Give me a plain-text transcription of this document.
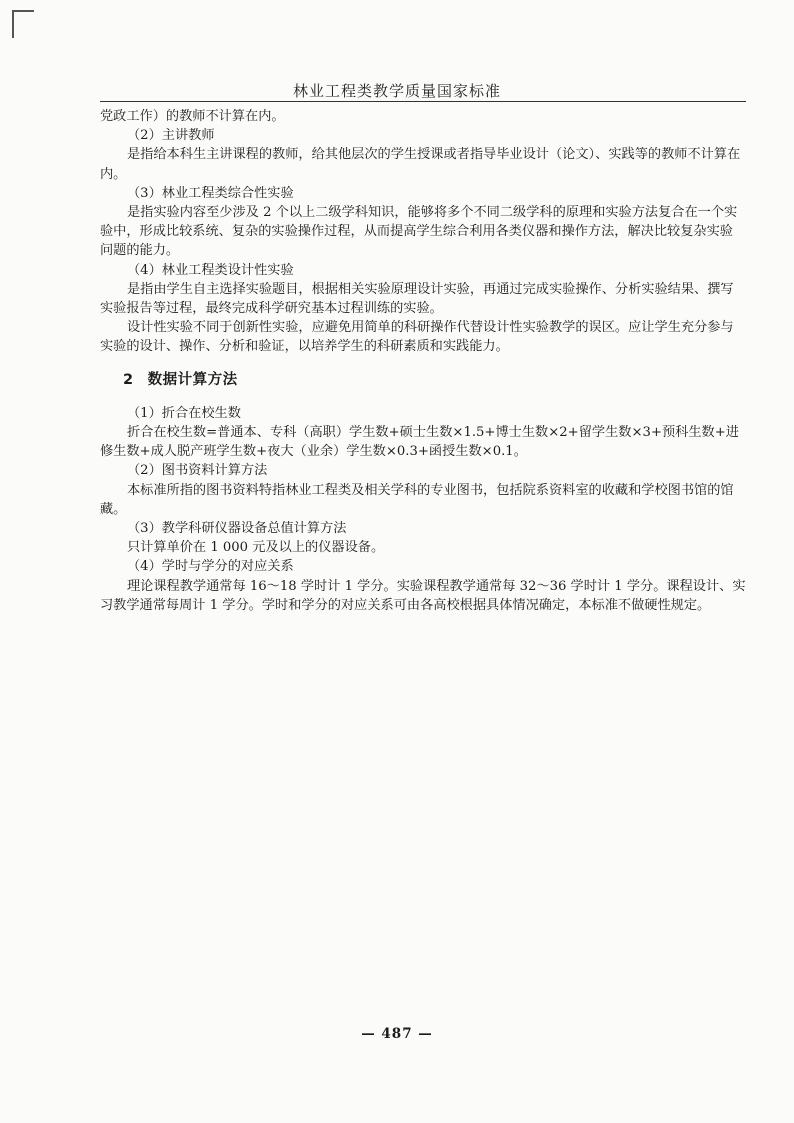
林业工程类教学质量国家标准

党政工作）的教师不计算在内。

（2）主讲教师

是指给本科生主讲课程的教师，给其他层次的学生授课或者指导毕业设计（论文）、实践等的教师不计算在内。

（3）林业工程类综合性实验

是指实验内容至少涉及 2 个以上二级学科知识，能够将多个不同二级学科的原理和实验方法复合在一个实验中，形成比较系统、复杂的实验操作过程，从而提高学生综合利用各类仪器和操作方法，解决比较复杂实验问题的能力。

（4）林业工程类设计性实验

是指由学生自主选择实验题目，根据相关实验原理设计实验，再通过完成实验操作、分析实验结果、撰写实验报告等过程，最终完成科学研究基本过程训练的实验。

设计性实验不同于创新性实验，应避免用简单的科研操作代替设计性实验教学的误区。应让学生充分参与实验的设计、操作、分析和验证，以培养学生的科研素质和实践能力。

2 数据计算方法

（1）折合在校生数

折合在校生数=普通本、专科（高职）学生数+硕士生数×1.5+博士生数×2+留学生数×3+预科生数+进修生数+成人脱产班学生数+夜大（业余）学生数×0.3+函授生数×0.1。

（2）图书资料计算方法

本标准所指的图书资料特指林业工程类及相关学科的专业图书，包括院系资料室的收藏和学校图书馆的馆藏。

（3）教学科研仪器设备总值计算方法

只计算单价在 1 000 元及以上的仪器设备。

（4）学时与学分的对应关系

理论课程教学通常每 16～18 学时计 1 学分。实验课程教学通常每 32～36 学时计 1 学分。课程设计、实习教学通常每周计 1 学分。学时和学分的对应关系可由各高校根据具体情况确定，本标准不做硬性规定。

— 487 —
